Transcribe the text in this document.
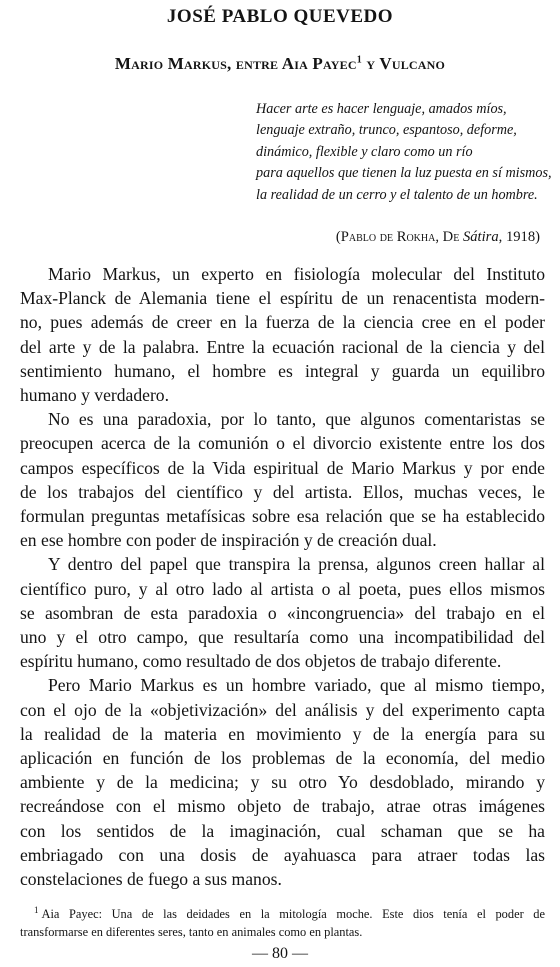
JOSÉ PABLO QUEVEDO
Mario Markus, entre Aia Payec$^1$ y Vulcano
Hacer arte es hacer lenguaje, amados míos,
lenguaje extraño, trunco, espantoso, deforme,
dinámico, flexible y claro como un río
para aquellos que tienen la luz puesta en sí mismos,
la realidad de un cerro y el talento de un hombre.
(Pablo de Rokha, De Sátira, 1918)

Mario Markus, un experto en fisiología molecular del Instituto
Max-Planck de Alemania tiene el espíritu de un renacentista modern-
no, pues además de creer en la fuerza de la ciencia cree en el poder
del arte y de la palabra. Entre la ecuación racional de la ciencia y del
sentimiento humano, el hombre es integral y guarda un equilibro
humano y verdadero.

No es una paradoxia, por lo tanto, que algunos comentaristas se
preocupen acerca de la comunión o el divorcio existente entre los dos
campos específicos de la Vida espiritual de Mario Markus y por ende
de los trabajos del científico y del artista. Ellos, muchas veces, le
formulan preguntas metafísicas sobre esa relación que se ha establecido
en ese hombre con poder de inspiración y de creación dual.

Y dentro del papel que transpira la prensa, algunos creen hallar al
científico puro, y al otro lado al artista o al poeta, pues ellos mismos
se asombran de esta paradoxia o «incongruencia» del trabajo en el
uno y el otro campo, que resultaría como una incompatibilidad del
espíritu humano, como resultado de dos objetos de trabajo diferente.

Pero Mario Markus es un hombre variado, que al mismo tiempo,
con el ojo de la «objetivización» del análisis y del experimento capta
la realidad de la materia en movimiento y de la energía para su
aplicación en función de los problemas de la economía, del medio
ambiente y de la medicina; y su otro Yo desdoblado, mirando y
recreándose con el mismo objeto de trabajo, atrae otras imágenes
con los sentidos de la imaginación, cual schaman que se ha
embriagado con una dosis de ayahuasca para atraer todas las
constelaciones de fuego a sus manos.

$^1$ Aia Payec: Una de las deidades en la mitología moche. Este dios tenía el poder de
transformarse en diferentes seres, tanto en animales como en plantas.
— 80 —
